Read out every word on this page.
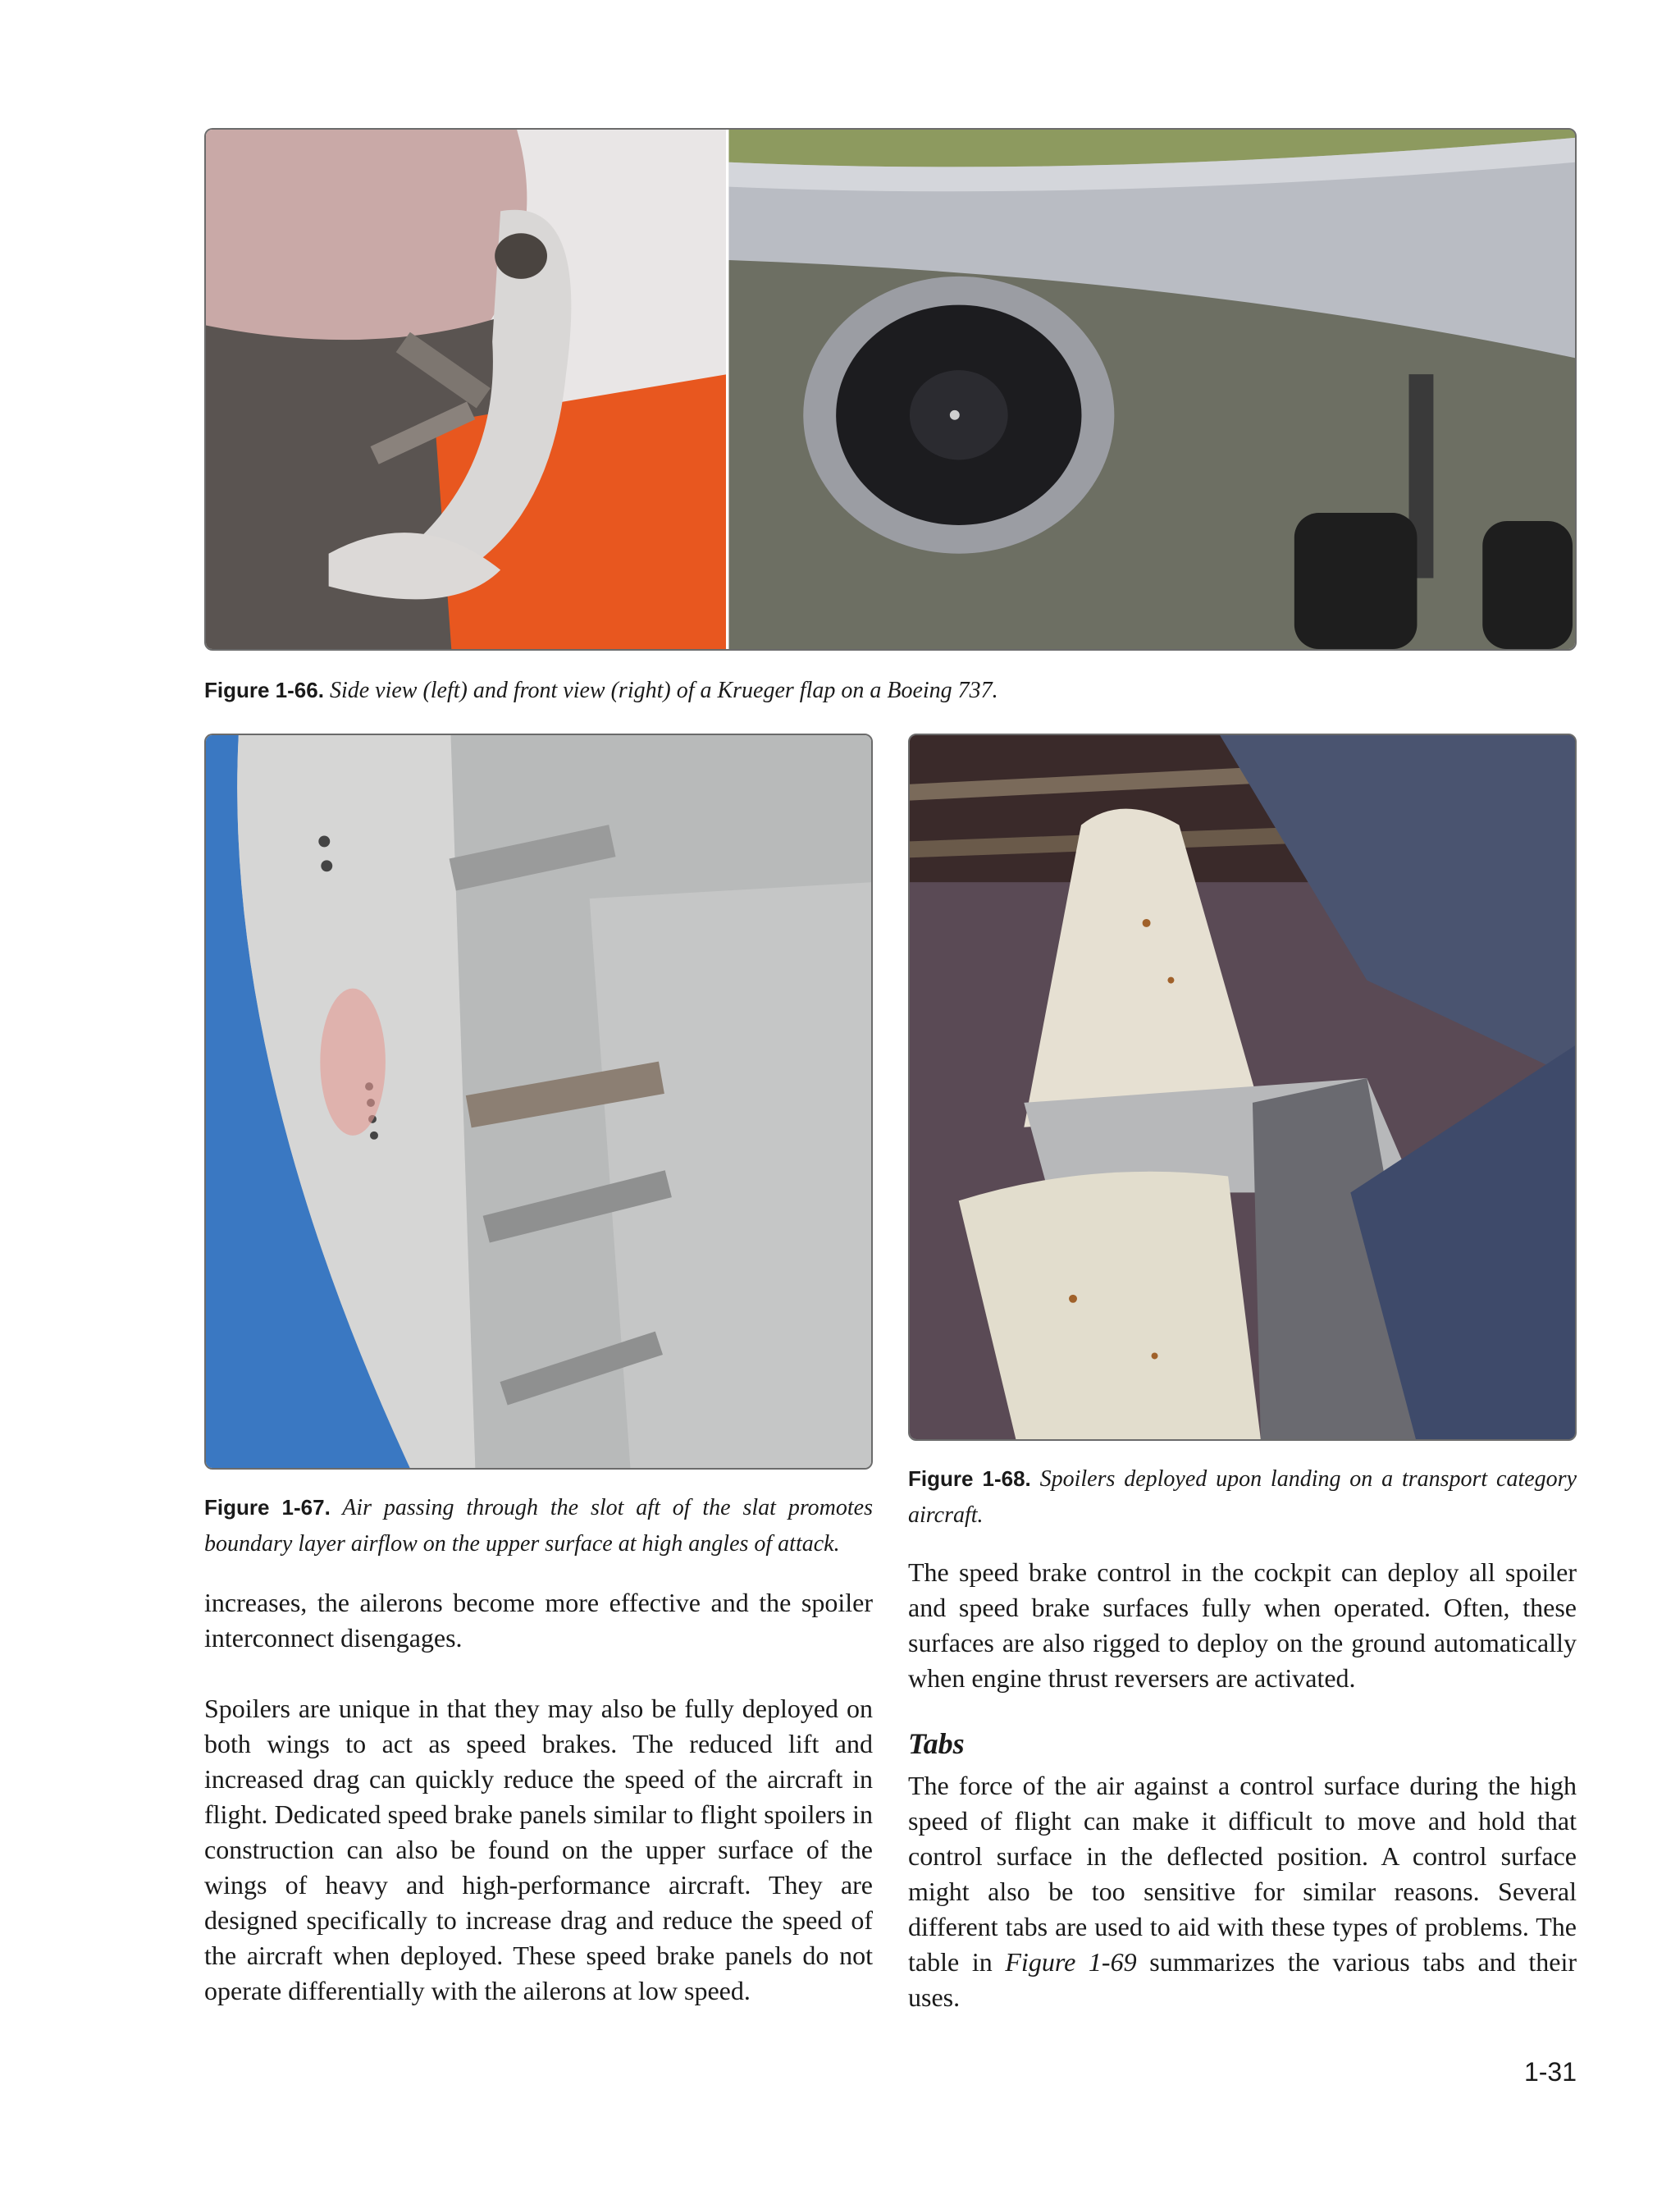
Figure 1-66. Side view (left) and front view (right) of a Krueger flap on a Boeing 737.
Figure 1-67. Air passing through the slot aft of the slat promotes boundary layer airflow on the upper surface at high angles of attack.
Figure 1-68. Spoilers deployed upon landing on a transport category aircraft.

increases, the ailerons become more effective and the spoiler interconnect disengages.

Spoilers are unique in that they may also be fully deployed on both wings to act as speed brakes. The reduced lift and increased drag can quickly reduce the speed of the aircraft in flight. Dedicated speed brake panels similar to flight spoilers in construction can also be found on the upper surface of the wings of heavy and high-performance aircraft. They are designed specifically to increase drag and reduce the speed of the aircraft when deployed. These speed brake panels do not operate differentially with the ailerons at low speed.

The speed brake control in the cockpit can deploy all spoiler and speed brake surfaces fully when operated. Often, these surfaces are also rigged to deploy on the ground automatically when engine thrust reversers are activated.

Tabs

The force of the air against a control surface during the high speed of flight can make it difficult to move and hold that control surface in the deflected position. A control surface might also be too sensitive for similar reasons. Several different tabs are used to aid with these types of problems. The table in Figure 1-69 summarizes the various tabs and their uses.

1-31
